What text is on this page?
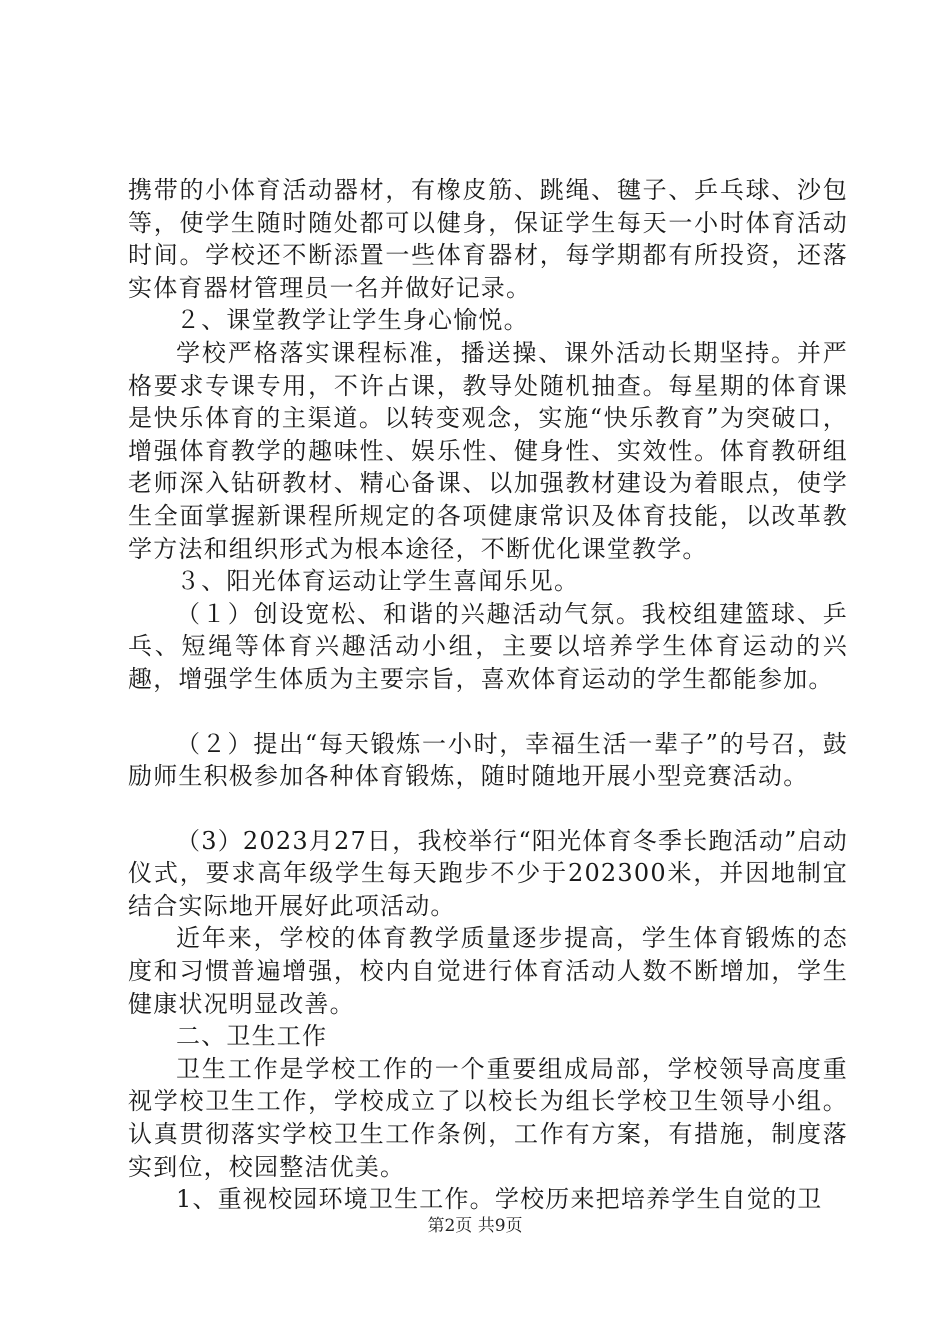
携带的小体育活动器材，有橡皮筋、跳绳、毽子、乒乓球、沙包等，使学生随时随处都可以健身，保证学生每天一小时体育活动时间。学校还不断添置一些体育器材，每学期都有所投资，还落实体育器材管理员一名并做好记录。

２、课堂教学让学生身心愉悦。

学校严格落实课程标准，播送操、课外活动长期坚持。并严格要求专课专用，不许占课，教导处随机抽查。每星期的体育课是快乐体育的主渠道。以转变观念，实施“快乐教育”为突破口，增强体育教学的趣味性、娱乐性、健身性、实效性。体育教研组老师深入钻研教材、精心备课、以加强教材建设为着眼点，使学生全面掌握新课程所规定的各项健康常识及体育技能，以改革教学方法和组织形式为根本途径，不断优化课堂教学。

３、阳光体育运动让学生喜闻乐见。

（１）创设宽松、和谐的兴趣活动气氛。我校组建篮球、乒乓、短绳等体育兴趣活动小组，主要以培养学生体育运动的兴趣，增强学生体质为主要宗旨，喜欢体育运动的学生都能参加。

（２）提出“每天锻炼一小时，幸福生活一辈子”的号召，鼓励师生积极参加各种体育锻炼，随时随地开展小型竞赛活动。

（3）2023月27日，我校举行“阳光体育冬季长跑活动”启动仪式，要求高年级学生每天跑步不少于202300米，并因地制宜结合实际地开展好此项活动。

近年来，学校的体育教学质量逐步提高，学生体育锻炼的态度和习惯普遍增强，校内自觉进行体育活动人数不断增加，学生健康状况明显改善。

二、卫生工作

卫生工作是学校工作的一个重要组成局部，学校领导高度重视学校卫生工作，学校成立了以校长为组长学校卫生领导小组。认真贯彻落实学校卫生工作条例，工作有方案，有措施，制度落实到位，校园整洁优美。

1、重视校园环境卫生工作。学校历来把培养学生自觉的卫

第2页 共9页
